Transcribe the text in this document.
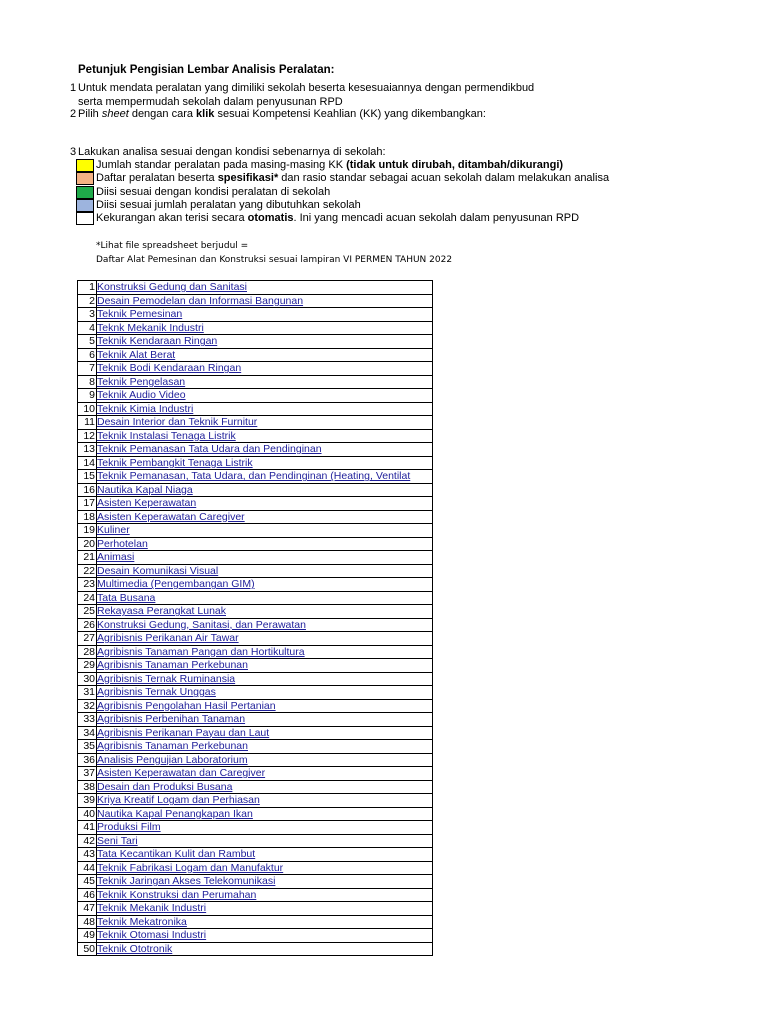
Petunjuk Pengisian Lembar Analisis Peralatan:
1 Untuk mendata peralatan yang dimiliki sekolah beserta kesesuaiannya dengan permendikbud
serta mempermudah sekolah dalam penyusunan RPD
2 Pilih sheet dengan cara klik sesuai Kompetensi Keahlian (KK) yang dikembangkan:
3 Lakukan analisa sesuai dengan kondisi sebenarnya di sekolah:
Jumlah standar peralatan pada masing-masing KK (tidak untuk dirubah, ditambah/dikurangi)
Daftar peralatan beserta spesifikasi* dan rasio standar sebagai acuan sekolah dalam melakukan analisa
Diisi sesuai dengan kondisi peralatan di sekolah
Diisi sesuai jumlah peralatan yang dibutuhkan sekolah
Kekurangan akan terisi secara otomatis. Ini yang mencadi acuan sekolah dalam penyusunan RPD
*Lihat file spreadsheet berjudul =
Daftar Alat Pemesinan dan Konstruksi sesuai lampiran VI PERMEN TAHUN 2022
1	Konstruksi Gedung dan Sanitasi
2	Desain Pemodelan dan Informasi Bangunan
3	Teknik Pemesinan
4	Teknk Mekanik Industri
5	Teknik Kendaraan Ringan
6	Teknik Alat Berat
7	Teknik Bodi Kendaraan Ringan
8	Teknik Pengelasan
9	Teknik Audio Video
10	Teknik Kimia Industri
11	Desain Interior dan Teknik Furnitur
12	Teknik Instalasi Tenaga Listrik
13	Teknik Pemanasan Tata Udara dan Pendinginan
14	Teknik Pembangkit Tenaga Listrik
15	Teknik Pemanasan, Tata Udara, dan Pendinginan (Heating, Ventilat
16	Nautika Kapal Niaga
17	Asisten Keperawatan
18	Asisten Keperawatan Caregiver
19	Kuliner
20	Perhotelan
21	Animasi
22	Desain Komunikasi Visual
23	Multimedia (Pengembangan GIM)
24	Tata Busana
25	Rekayasa Perangkat Lunak
26	Konstruksi Gedung, Sanitasi, dan Perawatan
27	Agribisnis Perikanan Air Tawar
28	Agribisnis Tanaman Pangan dan Hortikultura
29	Agribisnis Tanaman Perkebunan
30	Agribisnis Ternak Ruminansia
31	Agribisnis Ternak Unggas
32	Agribisnis Pengolahan Hasil Pertanian
33	Agribisnis Perbenihan Tanaman
34	Agribisnis Perikanan Payau dan Laut
35	Agribisnis Tanaman Perkebunan
36	Analisis Pengujian Laboratorium
37	Asisten Keperawatan dan Caregiver
38	Desain dan Produksi Busana
39	Kriya Kreatif Logam dan Perhiasan
40	Nautika Kapal Penangkapan Ikan
41	Produksi Film
42	Seni Tari
43	Tata Kecantikan Kulit dan Rambut
44	Teknik Fabrikasi Logam dan Manufaktur
45	Teknik Jaringan Akses Telekomunikasi
46	Teknik Konstruksi dan Perumahan
47	Teknik Mekanik Industri
48	Teknik Mekatronika
49	Teknik Otomasi Industri
50	Teknik Ototronik
